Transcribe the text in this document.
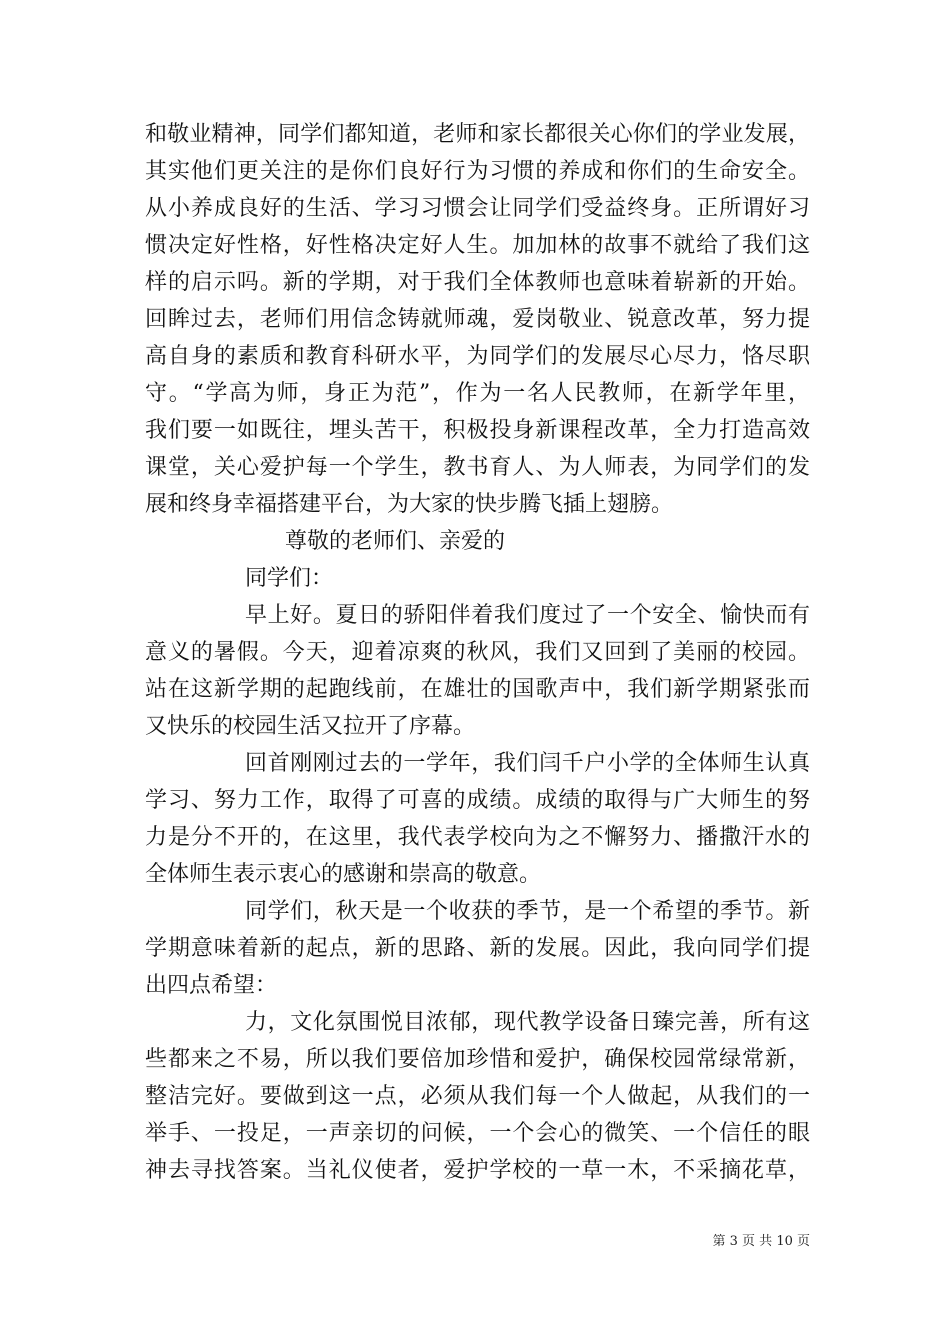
和敬业精神，同学们都知道，老师和家长都很关心你们的学业发展，
其实他们更关注的是你们良好行为习惯的养成和你们的生命安全。
从小养成良好的生活、学习习惯会让同学们受益终身。正所谓好习
惯决定好性格，好性格决定好人生。加加林的故事不就给了我们这
样的启示吗。新的学期，对于我们全体教师也意味着崭新的开始。
回眸过去，老师们用信念铸就师魂，爱岗敬业、锐意改革，努力提
高自身的素质和教育科研水平，为同学们的发展尽心尽力，恪尽职
守。“学高为师，身正为范”，作为一名人民教师，在新学年里，
我们要一如既往，埋头苦干，积极投身新课程改革，全力打造高效
课堂，关心爱护每一个学生，教书育人、为人师表，为同学们的发
展和终身幸福搭建平台，为大家的快步腾飞插上翅膀。
尊敬的老师们、亲爱的
同学们：
早上好。夏日的骄阳伴着我们度过了一个安全、愉快而有
意义的暑假。今天，迎着凉爽的秋风，我们又回到了美丽的校园。
站在这新学期的起跑线前，在雄壮的国歌声中，我们新学期紧张而
又快乐的校园生活又拉开了序幕。
回首刚刚过去的一学年，我们闫千户小学的全体师生认真
学习、努力工作，取得了可喜的成绩。成绩的取得与广大师生的努
力是分不开的，在这里，我代表学校向为之不懈努力、播撒汗水的
全体师生表示衷心的感谢和崇高的敬意。
同学们，秋天是一个收获的季节，是一个希望的季节。新
学期意味着新的起点，新的思路、新的发展。因此，我向同学们提
出四点希望：
力，文化氛围悦目浓郁，现代教学设备日臻完善，所有这
些都来之不易，所以我们要倍加珍惜和爱护，确保校园常绿常新，
整洁完好。要做到这一点，必须从我们每一个人做起，从我们的一
举手、一投足，一声亲切的问候，一个会心的微笑、一个信任的眼
神去寻找答案。当礼仪使者，爱护学校的一草一木，不采摘花草，
第 3 页 共 10 页
